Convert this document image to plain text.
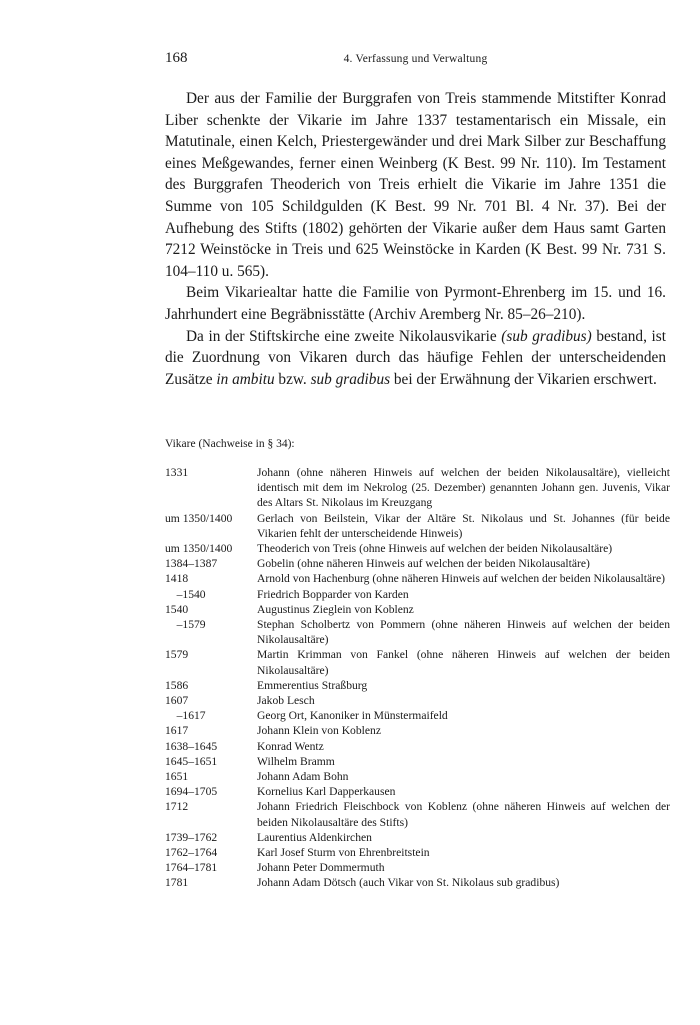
168	4. Verfassung und Verwaltung

Der aus der Familie der Burggrafen von Treis stammende Mitstifter Konrad Liber schenkte der Vikarie im Jahre 1337 testamentarisch ein Missale, ein Matutinale, einen Kelch, Priestergewänder und drei Mark Silber zur Beschaffung eines Meßgewandes, ferner einen Weinberg (K Best. 99 Nr. 110). Im Testament des Burggrafen Theoderich von Treis erhielt die Vikarie im Jahre 1351 die Summe von 105 Schildgulden (K Best. 99 Nr. 701 Bl. 4 Nr. 37). Bei der Aufhebung des Stifts (1802) gehörten der Vikarie außer dem Haus samt Garten 7212 Weinstöcke in Treis und 625 Weinstöcke in Karden (K Best. 99 Nr. 731 S. 104–110 u. 565).

Beim Vikariealtar hatte die Familie von Pyrmont-Ehrenberg im 15. und 16. Jahrhundert eine Begräbnisstätte (Archiv Aremberg Nr. 85–26–210).

Da in der Stiftskirche eine zweite Nikolausvikarie (sub gradibus) bestand, ist die Zuordnung von Vikaren durch das häufige Fehlen der unterscheidenden Zusätze in ambitu bzw. sub gradibus bei der Erwähnung der Vikarien erschwert.

Vikare (Nachweise in § 34):
1331	Johann (ohne näheren Hinweis auf welchen der beiden Nikolausaltäre), vielleicht identisch mit dem im Nekrolog (25. Dezember) genannten Johann gen. Juvenis, Vikar des Altars St. Nikolaus im Kreuzgang
um 1350/1400	Gerlach von Beilstein, Vikar der Altäre St. Nikolaus und St. Johannes (für beide Vikarien fehlt der unterscheidende Hinweis)
um 1350/1400	Theoderich von Treis (ohne Hinweis auf welchen der beiden Nikolausaltäre)
1384–1387	Gobelin (ohne näheren Hinweis auf welchen der beiden Nikolausaltäre)
1418	Arnold von Hachenburg (ohne näheren Hinweis auf welchen der beiden Nikolausaltäre)
–1540	Friedrich Bopparder von Karden
1540	Augustinus Zieglein von Koblenz
–1579	Stephan Scholbertz von Pommern (ohne näheren Hinweis auf welchen der beiden Nikolausaltäre)
1579	Martin Krimman von Fankel (ohne näheren Hinweis auf welchen der beiden Nikolausaltäre)
1586	Emmerentius Straßburg
1607	Jakob Lesch
–1617	Georg Ort, Kanoniker in Münstermaifeld
1617	Johann Klein von Koblenz
1638–1645	Konrad Wentz
1645–1651	Wilhelm Bramm
1651	Johann Adam Bohn
1694–1705	Kornelius Karl Dapperkausen
1712	Johann Friedrich Fleischbock von Koblenz (ohne näheren Hinweis auf welchen der beiden Nikolausaltäre des Stifts)
1739–1762	Laurentius Aldenkirchen
1762–1764	Karl Josef Sturm von Ehrenbreitstein
1764–1781	Johann Peter Dommermuth
1781	Johann Adam Dötsch (auch Vikar von St. Nikolaus sub gradibus)
